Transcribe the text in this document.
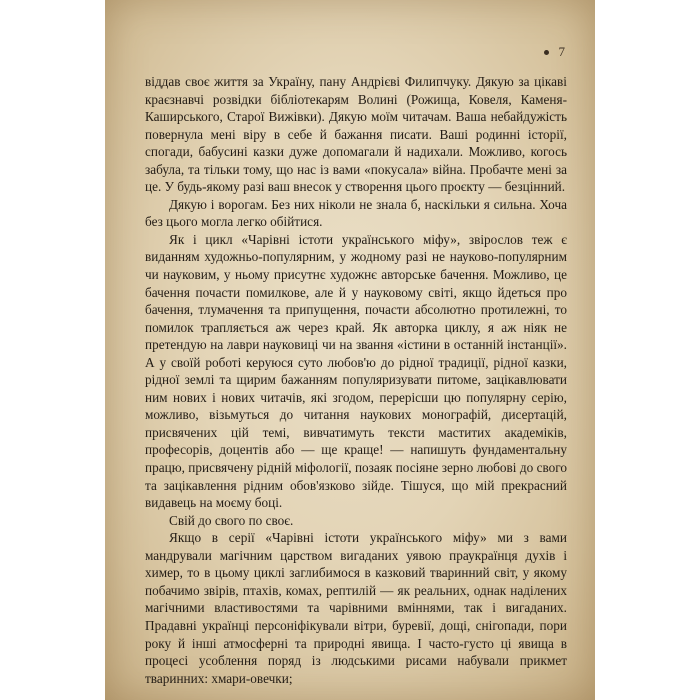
7

віддав своє життя за Україну, пану Андрієві Филипчуку. Дякую за цікаві краєзнавчі розвідки бібліотекарям Волині (Рожища, Ковеля, Каменя-Каширського, Старої Вижівки). Дякую моїм читачам. Ваша небайдужість повернула мені віру в себе й бажання писати. Ваші родинні історії, спогади, бабусині казки дуже допомагали й надихали. Можливо, когось забула, та тільки тому, що нас із вами «покусала» війна. Пробачте мені за це. У будь-якому разі ваш внесок у створення цього проєкту — безцінний.

Дякую і ворогам. Без них ніколи не знала б, наскільки я сильна. Хоча без цього могла легко обійтися.

Як і цикл «Чарівні істоти українського міфу», звірослов теж є виданням художньо-популярним, у жодному разі не науково-популярним чи науковим, у ньому присутнє художнє авторське бачення. Можливо, це бачення почасти помилкове, але й у науковому світі, якщо йдеться про бачення, тлумачення та припущення, почасти абсолютно протилежні, то помилок трапляється аж через край. Як авторка циклу, я аж ніяк не претендую на лаври науковиці чи на звання «істини в останній інстанції». А у своїй роботі керуюся суто любов'ю до рідної традиції, рідної казки, рідної землі та щирим бажанням популяризувати питоме, зацікавлювати ним нових і нових читачів, які згодом, перерісши цю популярну серію, можливо, візьмуться до читання наукових монографій, дисертацій, присвячених цій темі, вивчатимуть тексти маститих академіків, професорів, доцентів або — ще краще! — напишуть фундаментальну працю, присвячену рідній міфології, позаяк посіяне зерно любові до свого та зацікавлення рідним обов'язково зійде. Тішуся, що мій прекрасний видавець на моєму боці.

Свій до свого по своє.

Якщо в серії «Чарівні істоти українського міфу» ми з вами мандрували магічним царством вигаданих уявою праукраїнця духів і химер, то в цьому циклі заглибимося в казковий тваринний світ, у якому побачимо звірів, птахів, комах, рептилій — як реальних, однак наділених магічними властивостями та чарівними вміннями, так і вигаданих. Прадавні українці персоніфікували вітри, буревії, дощі, снігопади, пори року й інші атмосферні та природні явища. І часто-густо ці явища в процесі усоблення поряд із людськими рисами набували прикмет тваринних: хмари-овечки;
